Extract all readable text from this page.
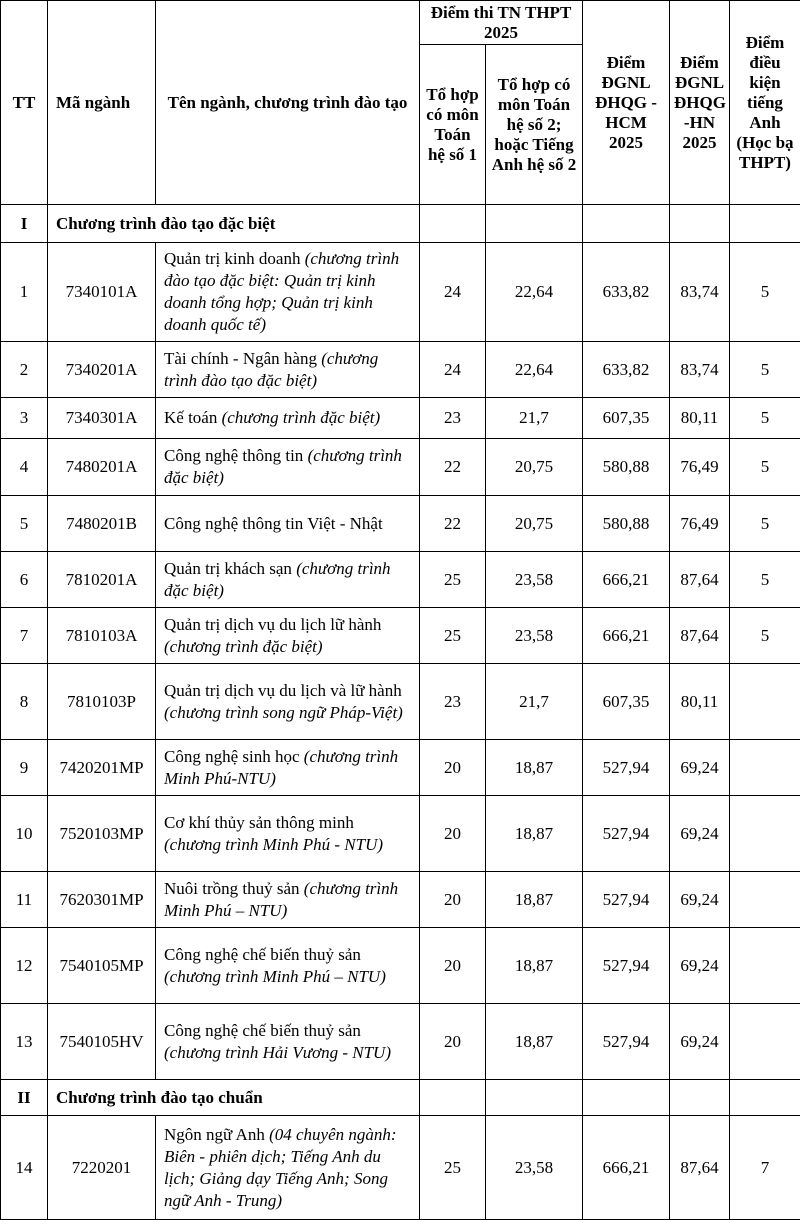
TT	Mã ngành	Tên ngành, chương trình đào tạo	Điểm thi TN THPT 2025		Điểm ĐGNL ĐHQG -HCM 2025	Điểm ĐGNL ĐHQG -HN 2025	Điểm điều kiện tiếng Anh (Học bạ THPT)
			Tổ hợp có môn Toán hệ số 1	Tổ hợp có môn Toán hệ số 2; hoặc Tiếng Anh hệ số 2			
I	Chương trình đào tạo đặc biệt						
1	7340101A	Quản trị kinh doanh (chương trình đào tạo đặc biệt: Quản trị kinh doanh tổng hợp; Quản trị kinh doanh quốc tế)	24	22,64	633,82	83,74	5
2	7340201A	Tài chính - Ngân hàng (chương trình đào tạo đặc biệt)	24	22,64	633,82	83,74	5
3	7340301A	Kế toán (chương trình đặc biệt)	23	21,7	607,35	80,11	5
4	7480201A	Công nghệ thông tin (chương trình đặc biệt)	22	20,75	580,88	76,49	5
5	7480201B	Công nghệ thông tin Việt - Nhật	22	20,75	580,88	76,49	5
6	7810201A	Quản trị khách sạn (chương trình đặc biệt)	25	23,58	666,21	87,64	5
7	7810103A	Quản trị dịch vụ du lịch lữ hành (chương trình đặc biệt)	25	23,58	666,21	87,64	5
8	7810103P	Quản trị dịch vụ du lịch và lữ hành (chương trình song ngữ Pháp-Việt)	23	21,7	607,35	80,11	
9	7420201MP	Công nghệ sinh học (chương trình Minh Phú-NTU)	20	18,87	527,94	69,24	
10	7520103MP	Cơ khí thủy sản thông minh (chương trình Minh Phú - NTU)	20	18,87	527,94	69,24	
11	7620301MP	Nuôi trồng thuỷ sản (chương trình Minh Phú – NTU)	20	18,87	527,94	69,24	
12	7540105MP	Công nghệ chế biến thuỷ sản (chương trình Minh Phú – NTU)	20	18,87	527,94	69,24	
13	7540105HV	Công nghệ chế biến thuỷ sản (chương trình Hải Vương - NTU)	20	18,87	527,94	69,24	
II	Chương trình đào tạo chuẩn						
14	7220201	Ngôn ngữ Anh (04 chuyên ngành: Biên - phiên dịch; Tiếng Anh du lịch; Giảng dạy Tiếng Anh; Song ngữ Anh - Trung)	25	23,58	666,21	87,64	7
